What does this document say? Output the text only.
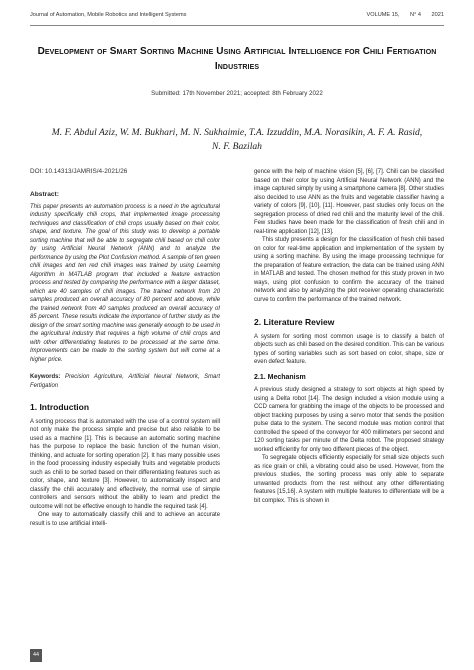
Journal of Automation, Mobile Robotics and Intelligent Systems	VOLUME 15, N° 4 2021
Development of Smart Sorting Machine Using Artificial Intelligence for Chili Fertigation Industries
Submitted: 17th November 2021; accepted: 8th February 2022
M. F. Abdul Aziz, W. M. Bukhari, M. N. Sukhaimie, T.A. Izzuddin, M.A. Norasikin, A. F. A. Rasid, N. F. Bazilah
DOI: 10.14313/JAMRIS/4-2021/26
Abstract:

This paper presents an automation process is a need in the agricultural industry specifically chili crops, that implemented image processing techniques and classification of chili crops usually based on their color, shape, and texture. The goal of this study was to develop a portable sorting machine that will be able to segregate chili based on chili color by using Artificial Neural Network (ANN) and to analyze the performance by using the Plot Confusion method. A sample of ten green chili images and ten red chili images was trained by using Learning Algorithm in MATLAB program that included a feature extraction process and tested by comparing the performance with a larger dataset, which are 40 samples of chili images. The trained network from 20 samples produced an overall accuracy of 80 percent and above, while the trained network from 40 samples produced an overall accuracy of 85 percent. These results indicate the importance of further study as the design of the smart sorting machine was generally enough to be used in the agricultural industry that requires a high volume of chili crops and with other differentiating features to be processed at the same time. Improvements can be made to the sorting system but will come at a higher price.

Keywords: Precision Agriculture, Artificial Neural Network, Smart Fertigation

1. Introduction

A sorting process that is automated with the use of a control system will not only make the process simple and precise but also reliable to be used as a machine [1]. This is because an automatic sorting machine has the purpose to replace the basic function of the human vision, thinking, and actuate for sorting operation [2]. It has many possible uses in the food processing industry especially fruits and vegetable products such as chili to be sorted based on their differentiating features such as color, shape, and texture [3]. However, to automatically inspect and classify the chili accurately and effectively, the normal use of simple controllers and sensors without the ability to learn and predict the outcome will not be effective enough to handle the required task [4].

One way to automatically classify chili and to achieve an accurate result is to use artificial intelli-

gence with the help of machine vision [5], [6], [7]. Chili can be classified based on their color by using Artificial Neural Network (ANN) and the image captured simply by using a smartphone camera [8]. Other studies also decided to use ANN as the fruits and vegetable classifier having a variety of colors [9], [10], [11]. However, past studies only focus on the segregation process of dried red chili and the maturity level of the chili. Few studies have been made for the classification of fresh chili and in real-time application [12], [13].

This study presents a design for the classification of fresh chili based on color for real-time application and implementation of the system by using a sorting machine. By using the image processing technique for the preparation of feature extraction, the data can be trained using ANN in MATLAB and tested. The chosen method for this study proven in two ways, using plot confusion to confirm the accuracy of the trained network and also by analyzing the plot receiver operating characteristic curve to confirm the performance of the trained network.

2. Literature Review

A system for sorting most common usage is to classify a batch of objects such as chili based on the desired condition. This can be various types of sorting variables such as sort based on color, shape, size or even defect feature.

2.1. Mechanism

A previous study designed a strategy to sort objects at high speed by using a Delta robot [14]. The design included a vision module using a CCD camera for grabbing the image of the objects to be processed and object tracking purposes by using a servo motor that sends the position pulse data to the system. The second module was motion control that controlled the speed of the conveyor for 400 millimeters per second and 120 sorting tasks per minute of the Delta robot. The proposed strategy worked efficiently for only two different pieces of the object.

To segregate objects efficiently especially for small size objects such as rice grain or chili, a vibrating could also be used. However, from the previous studies, the sorting process was only able to separate unwanted products from the rest without any other differentiating features [15,16]. A system with multiple features to differentiate will be a bit complex. This is shown in

44
